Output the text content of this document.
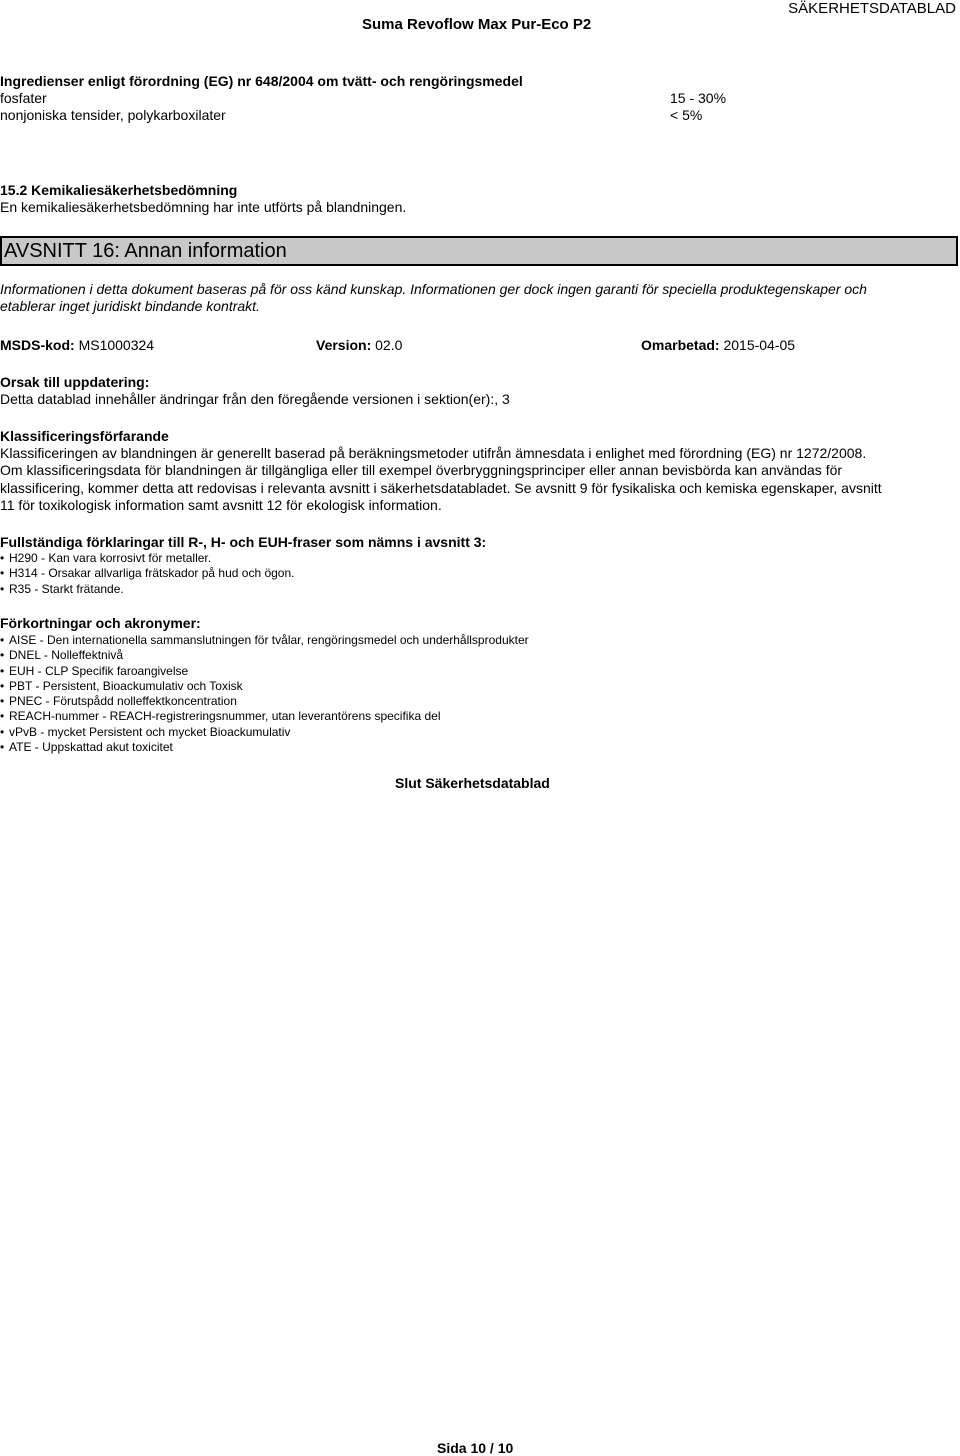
Suma Revoflow Max Pur-Eco P2
SÄKERHETSDATABLAD
Ingredienser enligt förordning (EG) nr 648/2004 om tvätt- och rengöringsmedel
fosfater	15 - 30%
nonjoniska tensider, polykarboxilater	< 5%
15.2 Kemikaliesäkerhetsbedömning
En kemikaliesäkerhetsbedömning har inte utförts på blandningen.
AVSNITT 16: Annan information
Informationen i detta dokument baseras på för oss känd kunskap. Informationen ger dock ingen garanti för speciella produktegenskaper och
etablerar inget juridiskt bindande kontrakt.
MSDS-kod: MS1000324	Version: 02.0	Omarbetad: 2015-04-05
Orsak till uppdatering:
Detta datablad innehåller ändringar från den föregående versionen i sektion(er):, 3
Klassificeringsförfarande
Klassificeringen av blandningen är generellt baserad på beräkningsmetoder utifrån ämnesdata i enlighet med förordning (EG) nr 1272/2008.
Om klassificeringsdata för blandningen är tillgängliga eller till exempel överbryggningsprinciper eller annan bevisbörda kan användas för
klassificering, kommer detta att redovisas i relevanta avsnitt i säkerhetsdatabladet. Se avsnitt 9 för fysikaliska och kemiska egenskaper, avsnitt
11 för toxikologisk information samt avsnitt 12 för ekologisk information.
Fullständiga förklaringar till R-, H- och EUH-fraser som nämns i avsnitt 3:
• H290 - Kan vara korrosivt för metaller.
• H314 - Orsakar allvarliga frätskador på hud och ögon.
• R35 - Starkt frätande.
Förkortningar och akronymer:
• AISE - Den internationella sammanslutningen för tvålar, rengöringsmedel och underhållsprodukter
• DNEL - Nolleffektnivå
• EUH - CLP Specifik faroangivelse
• PBT - Persistent, Bioackumulativ och Toxisk
• PNEC - Förutspådd nolleffektkoncentration
• REACH-nummer - REACH-registreringsnummer, utan leverantörens specifika del
• vPvB - mycket Persistent och mycket Bioackumulativ
• ATE - Uppskattad akut toxicitet
Slut Säkerhetsdatablad
Sida 10 / 10
